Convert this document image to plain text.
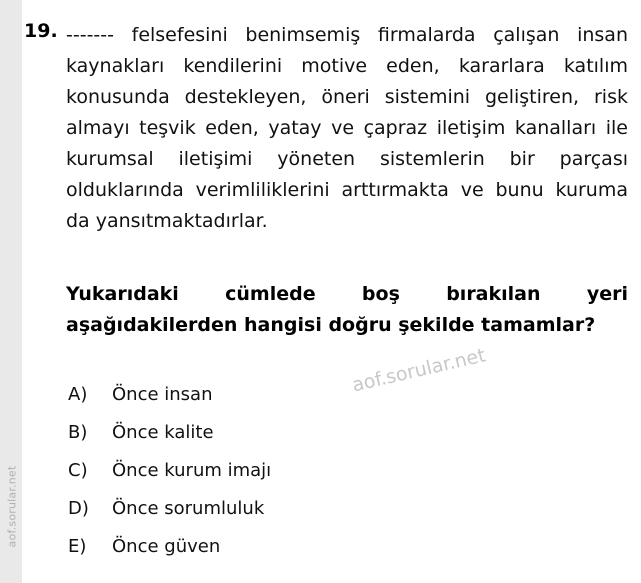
aof.sorular.net
19. ------- felsefesini benimsemiş firmalarda çalışan insan kaynakları kendilerini motive eden, kararlara katılım konusunda destekleyen, öneri sistemini geliştiren, risk almayı teşvik eden, yatay ve çapraz iletişim kanalları ile kurumsal iletişimi yöneten sistemlerin bir parçası olduklarında verimliliklerini arttırmakta ve bunu kuruma da yansıtmaktadırlar.
Yukarıdaki cümlede boş bırakılan yeri aşağıdakilerden hangisi doğru şekilde tamamlar?
A)	Önce insan
B)	Önce kalite
C)	Önce kurum imajı
D)	Önce sorumluluk
E)	Önce güven
aof.sorular.net
